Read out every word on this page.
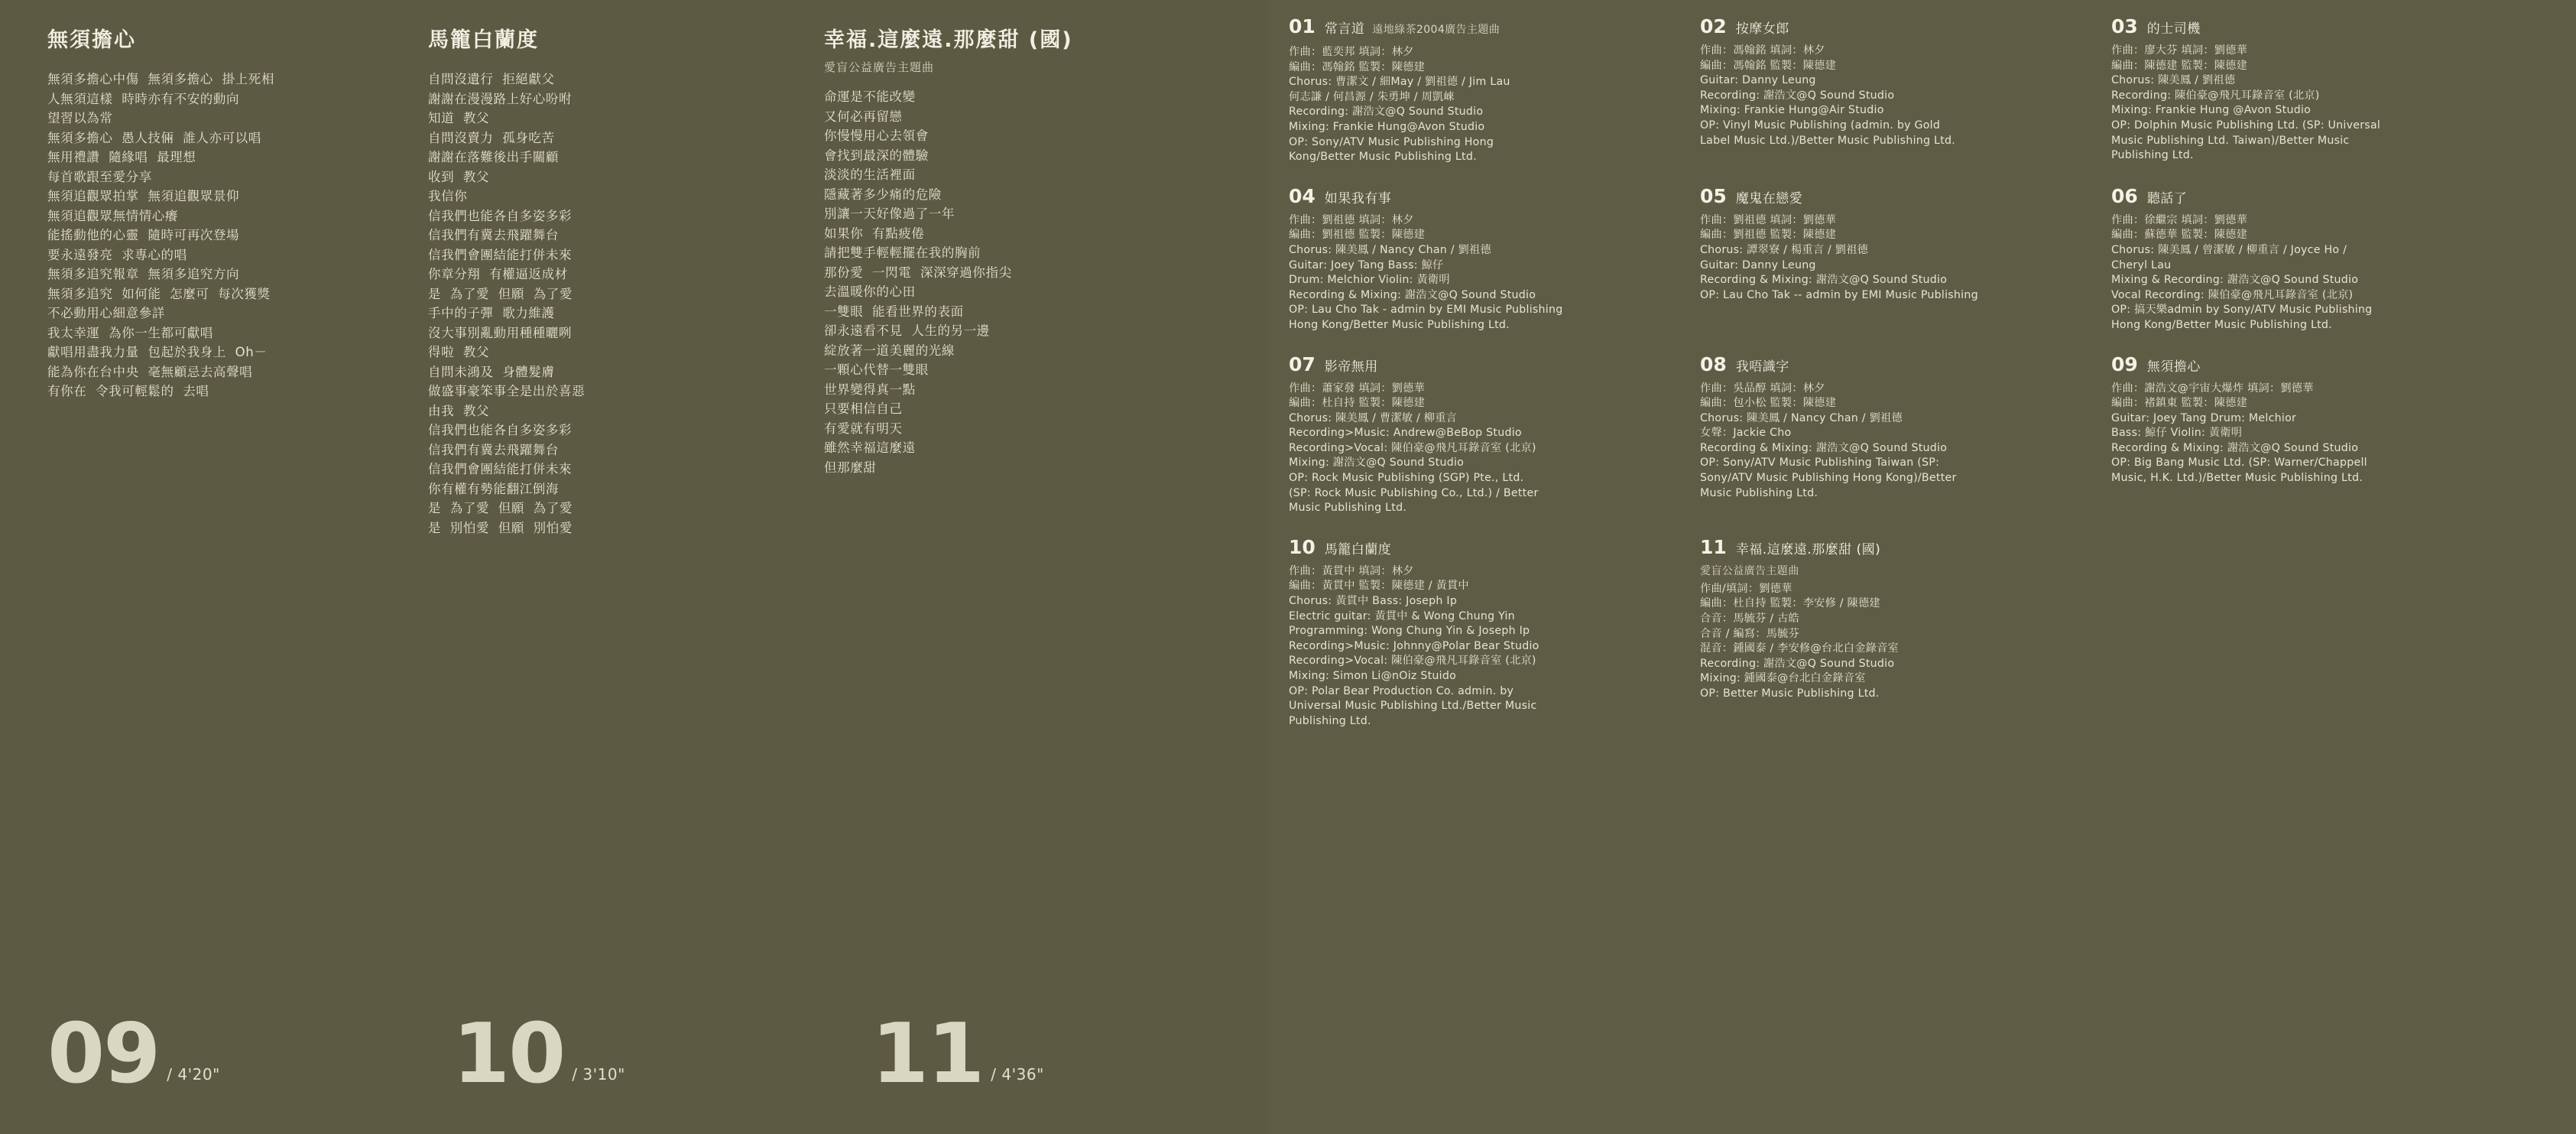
無須擔心
無須多擔心中傷  無須多擔心  掛上死相
人無須這樣  時時亦有不安的動向
望習以為常
無須多擔心  愚人技倆  誰人亦可以唱
無用禮讚  隨緣唱  最理想
每首歌跟至愛分享
無須追觀眾拍掌  無須追觀眾景仰
無須追觀眾無情情心癢
能搖動他的心靈  隨時可再次登場
要永遠發亮  求專心的唱
無須多追究報章  無須多追究方向
無須多追究  如何能  怎麼可  每次獲獎
不必動用心細意參詳
我太幸運  為你一生都可獻唱
獻唱用盡我力量  包起於我身上  Oh－
能為你在台中央  毫無顧忌去高聲唱
有你在  令我可輕鬆的  去唱
馬籠白蘭度
自問沒遺行  拒絕獻父
謝謝在漫漫路上好心吩咐
知道  教父
自問沒賣力  孤身吃苦
謝謝在落難後出手關顧
收到  教父
我信你
信我們也能各自多姿多彩
信我們有冀去飛躍舞台
信我們會團結能打併未來
你章分翔  有權逼返成材
是  為了愛  但願  為了愛
手中的子彈  歌力維護
沒大事別亂動用種種曬咧
得啦  教父
自問未鴻及  身體髮膚
做盛事豪笨事全是出於喜惡
由我  教父
信我們也能各自多姿多彩
信我們有冀去飛躍舞台
信我們會團結能打併未來
你有權有勢能翻江倒海
是  為了愛  但願  為了愛
是  別怕愛  但願  別怕愛
幸福.這麼遠.那麼甜 (國)
愛盲公益廣告主題曲
命運是不能改變
又何必再留戀
你慢慢用心去領會
會找到最深的體驗
淡淡的生活裡面
隱藏著多少痛的危險
別讓一天好像過了一年
如果你  有點疲倦
請把雙手輕輕擺在我的胸前
那份愛  一閃電  深深穿過你指尖
去溫暖你的心田
一雙眼  能看世界的表面
卻永遠看不見  人生的另一邊
綻放著一道美麗的光線
一顆心代替一雙眼
世界變得真一點
只要相信自己
有愛就有明天
雖然幸福這麼遠
但那麼甜
09 / 4'20"	10 / 3'10"	11 / 4'36"
01 常言道 遠地綠茶2004廣告主題曲
作曲：藍奕邦 填詞：林夕
編曲：馮翰銘 監製：陳德建
Chorus: 曹潔文 / 細May / 劉祖德 / Jim Lau
何志謙 / 何昌源 / 朱勇坤 / 周凱崍
Recording: 謝浩文@Q Sound Studio
Mixing: Frankie Hung@Avon Studio
OP: Sony/ATV Music Publishing Hong
Kong/Better Music Publishing Ltd.
02 按摩女郎
作曲：馮翰銘 填詞：林夕
編曲：馮翰銘 監製：陳德建
Guitar: Danny Leung
Recording: 謝浩文@Q Sound Studio
Mixing: Frankie Hung@Air Studio
OP: Vinyl Music Publishing (admin. by Gold
Label Music Ltd.)/Better Music Publishing Ltd.
03 的士司機
作曲：廖大芬 填詞：劉德華
編曲：陳德建 監製：陳德建
Chorus: 陳美鳳 / 劉祖德
Recording: 陳伯豪@飛凡耳錄音室 (北京)
Mixing: Frankie Hung @Avon Studio
OP: Dolphin Music Publishing Ltd. (SP: Universal
Music Publishing Ltd. Taiwan)/Better Music
Publishing Ltd.
04 如果我有事
作曲：劉祖德 填詞：林夕
編曲：劉祖德 監製：陳德建
Chorus: 陳美鳳 / Nancy Chan / 劉祖德
Guitar: Joey Tang Bass: 鯨仔
Drum: Melchior Violin: 黃衛明
Recording & Mixing: 謝浩文@Q Sound Studio
OP: Lau Cho Tak - admin by EMI Music Publishing
Hong Kong/Better Music Publishing Ltd.
05 魔鬼在戀愛
作曲：劉祖德 填詞：劉德華
編曲：劉祖德 監製：陳德建
Chorus: 譚翠寮 / 楊重言 / 劉祖德
Guitar: Danny Leung
Recording & Mixing: 謝浩文@Q Sound Studio
OP: Lau Cho Tak -- admin by EMI Music Publishing
06 聽話了
作曲：徐繼宗 填詞：劉德華
編曲：蘇德華 監製：陳德建
Chorus: 陳美鳳 / 曾潔敏 / 柳重言 / Joyce Ho /
Cheryl Lau
Mixing & Recording: 謝浩文@Q Sound Studio
Vocal Recording: 陳伯豪@飛凡耳錄音室 (北京)
OP: 搞天樂admin by Sony/ATV Music Publishing
Hong Kong/Better Music Publishing Ltd.
07 影帝無用
作曲：蕭家發 填詞：劉德華
編曲：杜自持 監製：陳德建
Chorus: 陳美鳳 / 曹潔敏 / 柳重言
Recording>Music: Andrew@BeBop Studio
Recording>Vocal: 陳伯豪@飛凡耳錄音室 (北京)
Mixing: 謝浩文@Q Sound Studio
OP: Rock Music Publishing (SGP) Pte., Ltd.
(SP: Rock Music Publishing Co., Ltd.) / Better
Music Publishing Ltd.
08 我唔識字
作曲：吳品醇 填詞：林夕
編曲：包小松 監製：陳德建
Chorus: 陳美鳳 / Nancy Chan / 劉祖德
女聲：Jackie Cho
Recording & Mixing: 謝浩文@Q Sound Studio
OP: Sony/ATV Music Publishing Taiwan (SP:
Sony/ATV Music Publishing Hong Kong)/Better
Music Publishing Ltd.
09 無須擔心
作曲：謝浩文@宇宙大爆炸 填詞：劉德華
編曲：褚鎮東 監製：陳德建
Guitar: Joey Tang Drum: Melchior
Bass: 鯨仔 Violin: 黃衛明
Recording & Mixing: 謝浩文@Q Sound Studio
OP: Big Bang Music Ltd. (SP: Warner/Chappell
Music, H.K. Ltd.)/Better Music Publishing Ltd.
10 馬籠白蘭度
作曲：黃貫中 填詞：林夕
編曲：黃貫中 監製：陳德建 / 黃貫中
Chorus: 黃貫中 Bass: Joseph Ip
Electric guitar: 黃貫中 & Wong Chung Yin
Programming: Wong Chung Yin & Joseph Ip
Recording>Music: Johnny@Polar Bear Studio
Recording>Vocal: 陳伯豪@飛凡耳錄音室 (北京)
Mixing: Simon Li@nOiz Stuido
OP: Polar Bear Production Co. admin. by
Universal Music Publishing Ltd./Better Music
Publishing Ltd.
11 幸福.這麼遠.那麼甜 (國)
愛盲公益廣告主題曲
作曲/填詞：劉德華
編曲：杜自持 監製：李安修 / 陳德建
合音：馬毓芬 / 古皓
合音 / 編寫：馬毓芬
混音：鍾國泰 / 李安修@台北白金錄音室
Recording: 謝浩文@Q Sound Studio
Mixing: 鍾國泰@台北白金錄音室
OP: Better Music Publishing Ltd.
